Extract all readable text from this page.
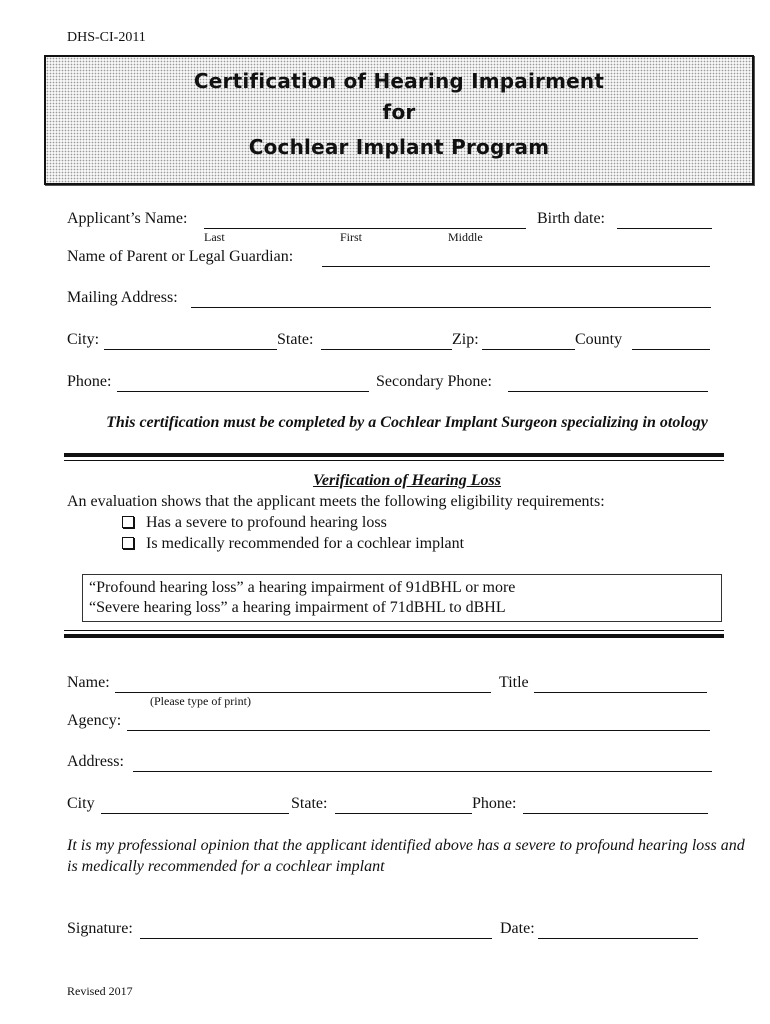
DHS-CI-2011
Certification of Hearing Impairment
for
Cochlear Implant Program
Applicant’s Name:	Birth date:
Last	First	Middle
Name of Parent or Legal Guardian:
Mailing Address:
City:	State:	Zip:	County
Phone:	Secondary Phone:
This certification must be completed by a Cochlear Implant Surgeon specializing in otology
Verification of Hearing Loss
An evaluation shows that the applicant meets the following eligibility requirements:
Has a severe to profound hearing loss
Is medically recommended for a cochlear implant
“Profound hearing loss” a hearing impairment of 91dBHL or more
“Severe hearing loss” a hearing impairment of 71dBHL to dBHL
Name:	Title
(Please type of print)
Agency:
Address:
City	State:	Phone:
It is my professional opinion that the applicant identified above has a severe to profound hearing loss and is medically recommended for a cochlear implant
Signature:	Date:
Revised 2017
